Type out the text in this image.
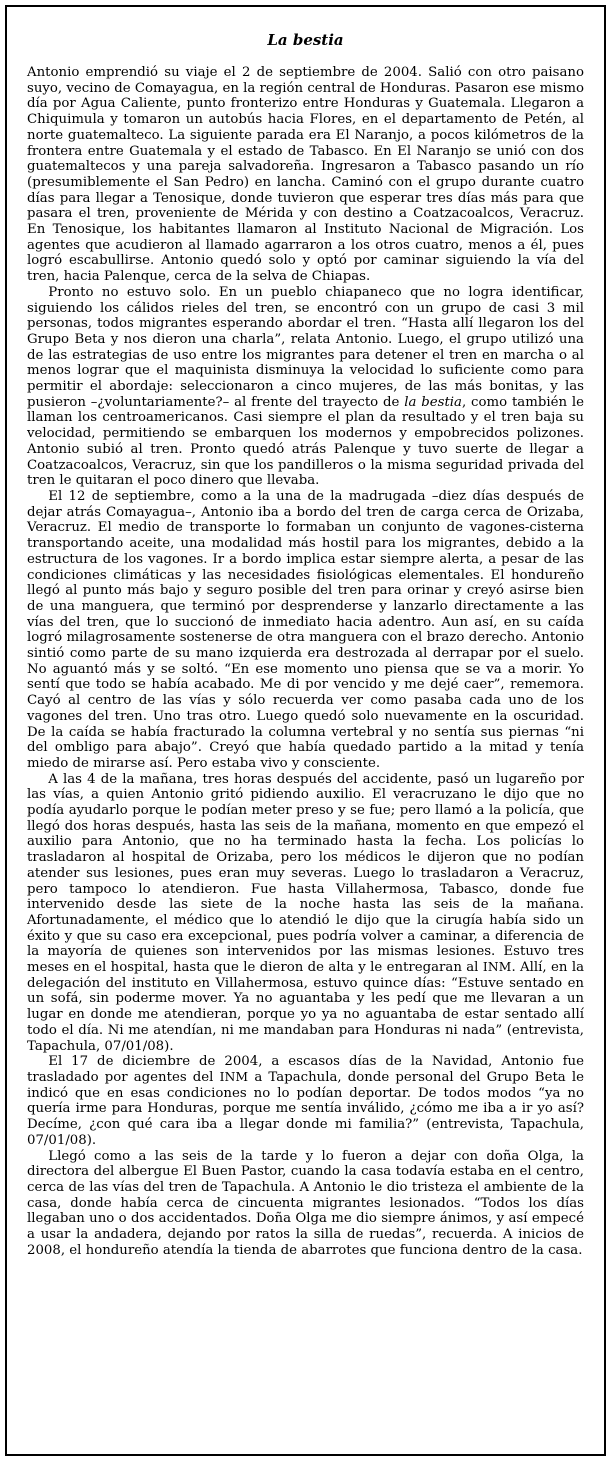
La bestia

Antonio emprendió su viaje el 2 de septiembre de 2004. Salió con otro paisano suyo, vecino de Comayagua, en la región central de Honduras. Pasaron ese mismo día por Agua Caliente, punto fronterizo entre Honduras y Guatemala. Llegaron a Chiquimula y tomaron un autobús hacia Flores, en el departamento de Petén, al norte guatemalteco. La siguiente parada era El Naranjo, a pocos kilómetros de la frontera entre Guatemala y el estado de Tabasco. En El Naranjo se unió con dos guatemaltecos y una pareja salvadoreña. Ingresaron a Tabasco pasando un río (presumiblemente el San Pedro) en lancha. Caminó con el grupo durante cuatro días para llegar a Tenosique, donde tuvieron que esperar tres días más para que pasara el tren, proveniente de Mérida y con destino a Coatzacoalcos, Veracruz. En Tenosique, los habitantes llamaron al Instituto Nacional de Migración. Los agentes que acudieron al llamado agarraron a los otros cuatro, menos a él, pues logró escabullirse. Antonio quedó solo y optó por caminar siguiendo la vía del tren, hacia Palenque, cerca de la selva de Chiapas.

Pronto no estuvo solo. En un pueblo chiapaneco que no logra identificar, siguiendo los cálidos rieles del tren, se encontró con un grupo de casi 3 mil personas, todos migrantes esperando abordar el tren. “Hasta allí llegaron los del Grupo Beta y nos dieron una charla”, relata Antonio. Luego, el grupo utilizó una de las estrategias de uso entre los migrantes para detener el tren en marcha o al menos lograr que el maquinista disminuya la velocidad lo suficiente como para permitir el abordaje: seleccionaron a cinco mujeres, de las más bonitas, y las pusieron –¿voluntariamente?– al frente del trayecto de la bestia, como también le llaman los centroamericanos. Casi siempre el plan da resultado y el tren baja su velocidad, permitiendo se embarquen los modernos y empobrecidos polizones. Antonio subió al tren. Pronto quedó atrás Palenque y tuvo suerte de llegar a Coatzacoalcos, Veracruz, sin que los pandilleros o la misma seguridad privada del tren le quitaran el poco dinero que llevaba.

El 12 de septiembre, como a la una de la madrugada –diez días después de dejar atrás Comayagua–, Antonio iba a bordo del tren de carga cerca de Orizaba, Veracruz. El medio de transporte lo formaban un conjunto de vagones-cisterna transportando aceite, una modalidad más hostil para los migrantes, debido a la estructura de los vagones. Ir a bordo implica estar siempre alerta, a pesar de las condiciones climáticas y las necesidades fisiológicas elementales. El hondureño llegó al punto más bajo y seguro posible del tren para orinar y creyó asirse bien de una manguera, que terminó por desprenderse y lanzarlo directamente a las vías del tren, que lo succionó de inmediato hacia adentro. Aun así, en su caída logró milagrosamente sostenerse de otra manguera con el brazo derecho. Antonio sintió como parte de su mano izquierda era destrozada al derrapar por el suelo. No aguantó más y se soltó. “En ese momento uno piensa que se va a morir. Yo sentí que todo se había acabado. Me di por vencido y me dejé caer”, rememora. Cayó al centro de las vías y sólo recuerda ver como pasaba cada uno de los vagones del tren. Uno tras otro. Luego quedó solo nuevamente en la oscuridad. De la caída se había fracturado la columna vertebral y no sentía sus piernas “ni del ombligo para abajo”. Creyó que había quedado partido a la mitad y tenía miedo de mirarse así. Pero estaba vivo y consciente.

A las 4 de la mañana, tres horas después del accidente, pasó un lugareño por las vías, a quien Antonio gritó pidiendo auxilio. El veracruzano le dijo que no podía ayudarlo porque le podían meter preso y se fue; pero llamó a la policía, que llegó dos horas después, hasta las seis de la mañana, momento en que empezó el auxilio para Antonio, que no ha terminado hasta la fecha. Los policías lo trasladaron al hospital de Orizaba, pero los médicos le dijeron que no podían atender sus lesiones, pues eran muy severas. Luego lo trasladaron a Veracruz, pero tampoco lo atendieron. Fue hasta Villahermosa, Tabasco, donde fue intervenido desde las siete de la noche hasta las seis de la mañana. Afortunadamente, el médico que lo atendió le dijo que la cirugía había sido un éxito y que su caso era excepcional, pues podría volver a caminar, a diferencia de la mayoría de quienes son intervenidos por las mismas lesiones. Estuvo tres meses en el hospital, hasta que le dieron de alta y le entregaran al INM. Allí, en la delegación del instituto en Villahermosa, estuvo quince días: “Estuve sentado en un sofá, sin poderme mover. Ya no aguantaba y les pedí que me llevaran a un lugar en donde me atendieran, porque yo ya no aguantaba de estar sentado allí todo el día. Ni me atendían, ni me mandaban para Honduras ni nada” (entrevista, Tapachula, 07/01/08).

El 17 de diciembre de 2004, a escasos días de la Navidad, Antonio fue trasladado por agentes del INM a Tapachula, donde personal del Grupo Beta le indicó que en esas condiciones no lo podían deportar. De todos modos “ya no quería irme para Honduras, porque me sentía inválido, ¿cómo me iba a ir yo así? Decíme, ¿con qué cara iba a llegar donde mi familia?” (entrevista, Tapachula, 07/01/08).

Llegó como a las seis de la tarde y lo fueron a dejar con doña Olga, la directora del albergue El Buen Pastor, cuando la casa todavía estaba en el centro, cerca de las vías del tren de Tapachula. A Antonio le dio tristeza el ambiente de la casa, donde había cerca de cincuenta migrantes lesionados. “Todos los días llegaban uno o dos accidentados. Doña Olga me dio siempre ánimos, y así empecé a usar la andadera, dejando por ratos la silla de ruedas”, recuerda. A inicios de 2008, el hondureño atendía la tienda de abarrotes que funciona dentro de la casa.
